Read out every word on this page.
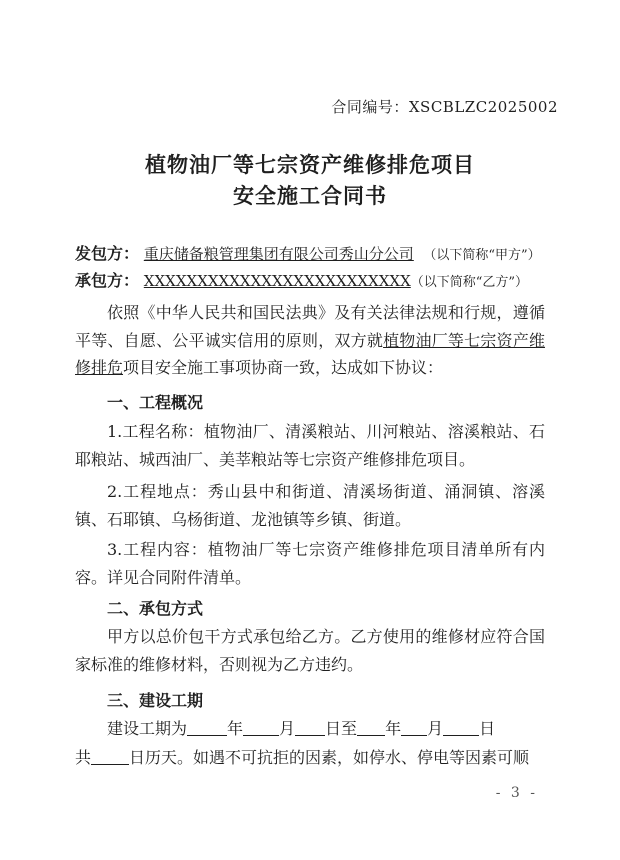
合同编号：XSCBLZC2025002
植物油厂等七宗资产维修排危项目
安全施工合同书
发包方： 重庆储备粮管理集团有限公司秀山分公司 （以下简称“甲方”）
承包方： XXXXXXXXXXXXXXXXXXXXXXXXX（以下简称“乙方”）
依照《中华人民共和国民法典》及有关法律法规和行规，遵循平等、自愿、公平诚实信用的原则，双方就植物油厂等七宗资产维修排危项目安全施工事项协商一致，达成如下协议：
一、工程概况
1.工程名称：植物油厂、清溪粮站、川河粮站、溶溪粮站、石耶粮站、城西油厂、美莘粮站等七宗资产维修排危项目。
2.工程地点：秀山县中和街道、清溪场街道、涌洞镇、溶溪镇、石耶镇、乌杨街道、龙池镇等乡镇、街道。
3.工程内容：植物油厂等七宗资产维修排危项目清单所有内容。详见合同附件清单。
二、承包方式
甲方以总价包干方式承包给乙方。乙方使用的维修材应符合国家标准的维修材料，否则视为乙方违约。
三、建设工期
建设工期为	年 月 日至 年 月 日
共 日历天。如遇不可抗拒的因素，如停水、停电等因素可顺
- 3 -
